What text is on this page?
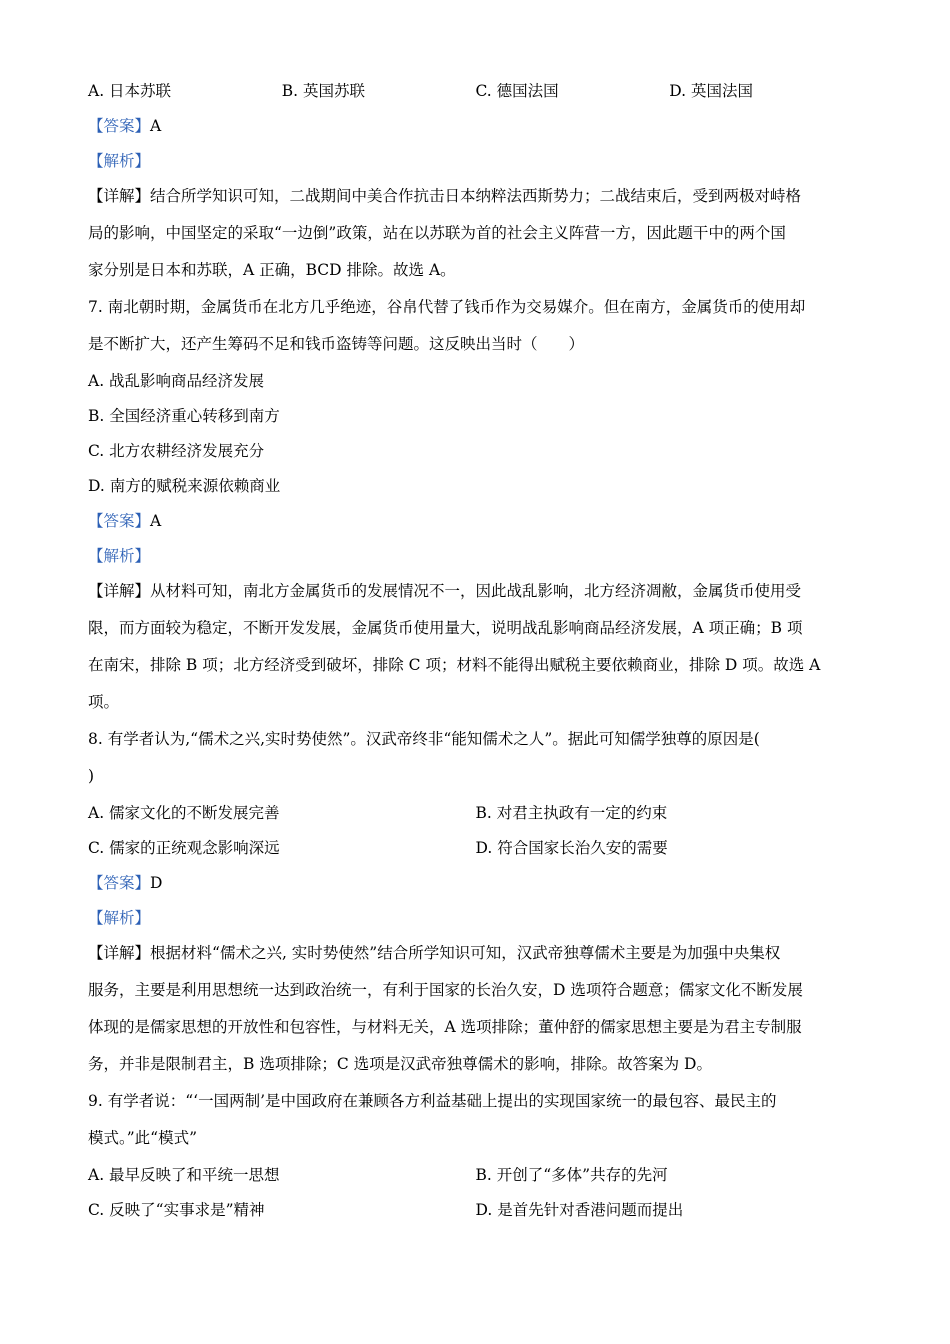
A. 日本苏联	B. 英国苏联	C. 德国法国	D. 英国法国
【答案】A
【解析】
【详解】结合所学知识可知，二战期间中美合作抗击日本纳粹法西斯势力；二战结束后，受到两极对峙格
局的影响，中国坚定的采取“一边倒”政策，站在以苏联为首的社会主义阵营一方，因此题干中的两个国
家分别是日本和苏联，A 正确，BCD 排除。故选 A。
7. 南北朝时期，金属货币在北方几乎绝迹，谷帛代替了钱币作为交易媒介。但在南方，金属货币的使用却
是不断扩大，还产生筹码不足和钱币盗铸等问题。这反映出当时（　　）
A. 战乱影响商品经济发展
B. 全国经济重心转移到南方
C. 北方农耕经济发展充分
D. 南方的赋税来源依赖商业
【答案】A
【解析】
【详解】从材料可知，南北方金属货币的发展情况不一，因此战乱影响，北方经济凋敝，金属货币使用受
限，而方面较为稳定，不断开发发展，金属货币使用量大，说明战乱影响商品经济发展，A 项正确；B 项
在南宋，排除 B 项；北方经济受到破坏，排除 C 项；材料不能得出赋税主要依赖商业，排除 D 项。故选 A
项。
8. 有学者认为,“儒术之兴,实时势使然”。汉武帝终非“能知儒术之人”。据此可知儒学独尊的原因是(
)
A. 儒家文化的不断发展完善	B. 对君主执政有一定的约束
C. 儒家的正统观念影响深远	D. 符合国家长治久安的需要
【答案】D
【解析】
【详解】根据材料“儒术之兴, 实时势使然”结合所学知识可知，汉武帝独尊儒术主要是为加强中央集权
服务，主要是利用思想统一达到政治统一，有利于国家的长治久安，D 选项符合题意；儒家文化不断发展
体现的是儒家思想的开放性和包容性，与材料无关，A 选项排除；董仲舒的儒家思想主要是为君主专制服
务，并非是限制君主，B 选项排除；C 选项是汉武帝独尊儒术的影响，排除。故答案为 D。
9. 有学者说：“‘一国两制’是中国政府在兼顾各方利益基础上提出的实现国家统一的最包容、最民主的
模式。”此“模式”
A. 最早反映了和平统一思想	B. 开创了“多体”共存的先河
C. 反映了“实事求是”精神	D. 是首先针对香港问题而提出
